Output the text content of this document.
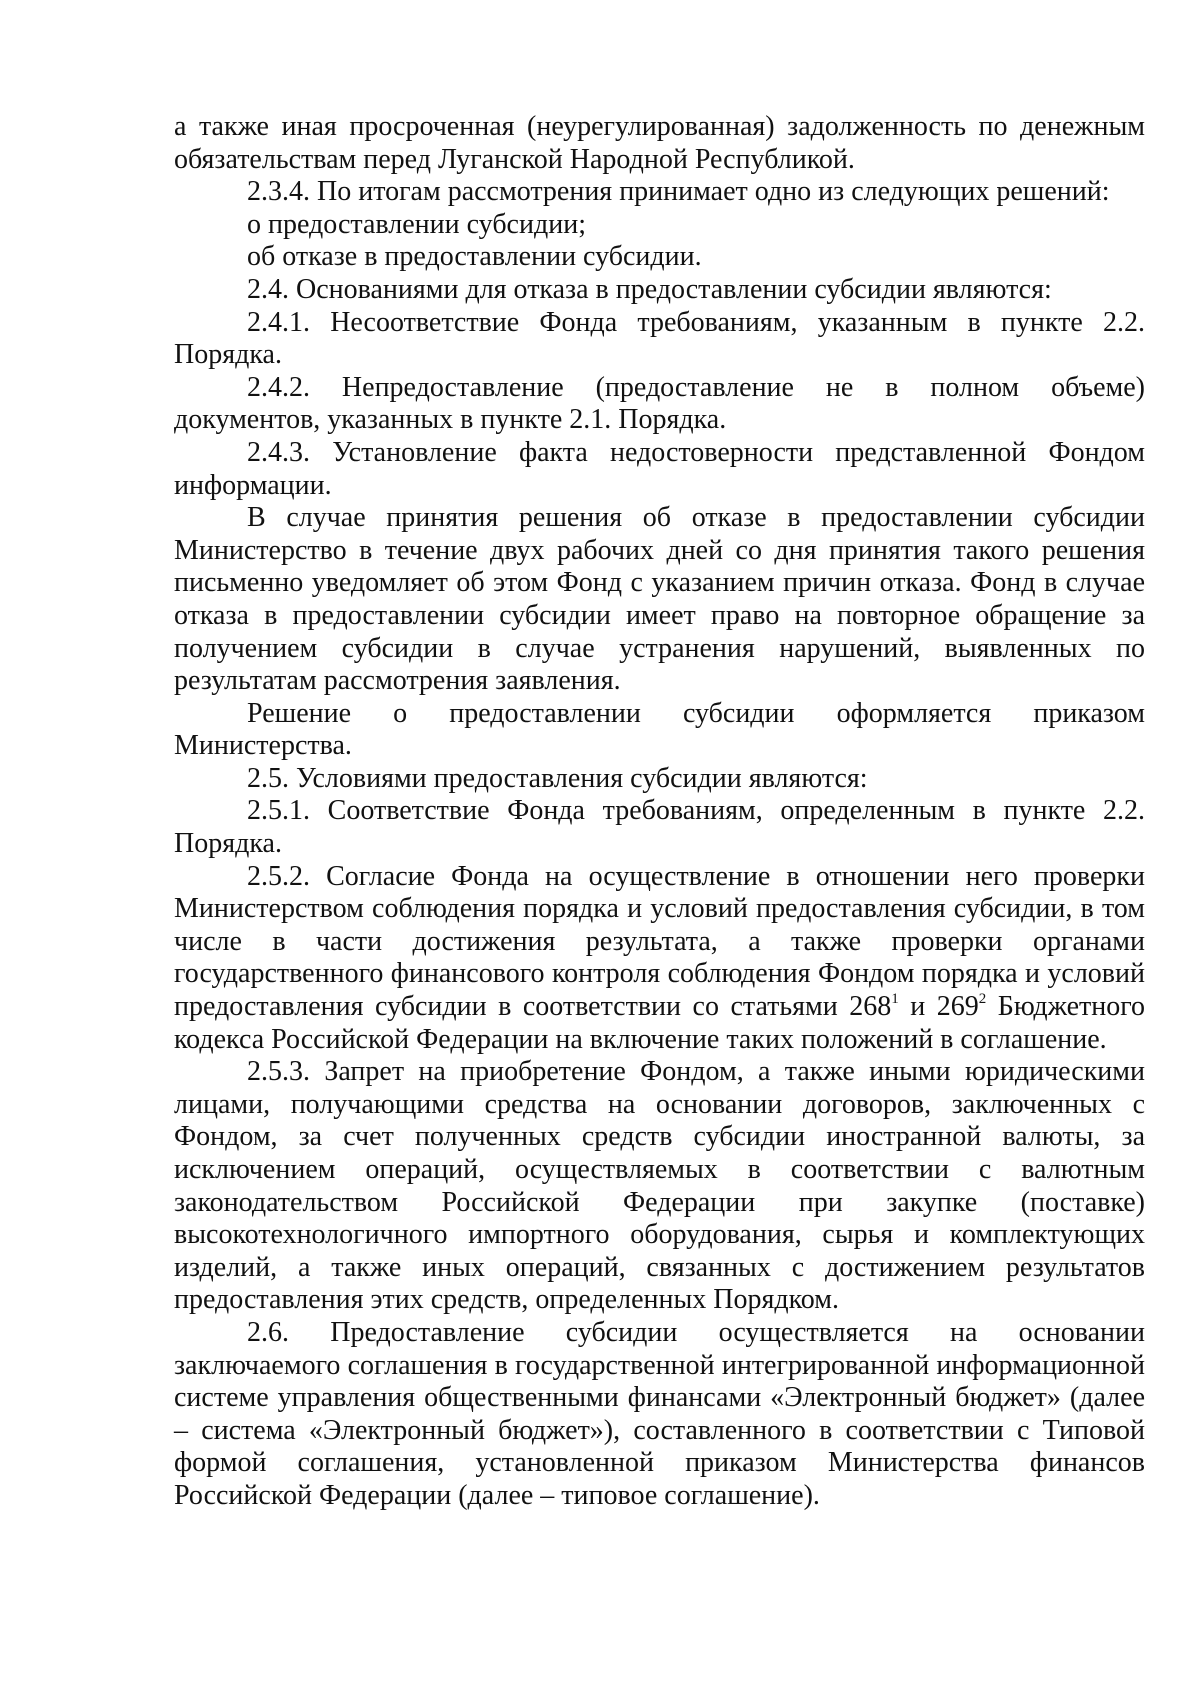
а также иная просроченная (неурегулированная) задолженность по денежным обязательствам перед Луганской Народной Республикой.

2.3.4. По итогам рассмотрения принимает одно из следующих решений:

о предоставлении субсидии;

об отказе в предоставлении субсидии.

2.4. Основаниями для отказа в предоставлении субсидии являются:

2.4.1. Несоответствие Фонда требованиям, указанным в пункте 2.2. Порядка.

2.4.2. Непредоставление (предоставление не в полном объеме) документов, указанных в пункте 2.1. Порядка.

2.4.3. Установление факта недостоверности представленной Фондом информации.

В случае принятия решения об отказе в предоставлении субсидии Министерство в течение двух рабочих дней со дня принятия такого решения письменно уведомляет об этом Фонд с указанием причин отказа. Фонд в случае отказа в предоставлении субсидии имеет право на повторное обращение за получением субсидии в случае устранения нарушений, выявленных по результатам рассмотрения заявления.

Решение о предоставлении субсидии оформляется приказом Министерства.

2.5. Условиями предоставления субсидии являются:

2.5.1. Соответствие Фонда требованиям, определенным в пункте 2.2. Порядка.

2.5.2. Согласие Фонда на осуществление в отношении него проверки Министерством соблюдения порядка и условий предоставления субсидии, в том числе в части достижения результата, а также проверки органами государственного финансового контроля соблюдения Фондом порядка и условий предоставления субсидии в соответствии со статьями $268^1$ и $269^2$ Бюджетного кодекса Российской Федерации на включение таких положений в соглашение.

2.5.3. Запрет на приобретение Фондом, а также иными юридическими лицами, получающими средства на основании договоров, заключенных с Фондом, за счет полученных средств субсидии иностранной валюты, за исключением операций, осуществляемых в соответствии с валютным законодательством Российской Федерации при закупке (поставке) высокотехнологичного импортного оборудования, сырья и комплектующих изделий, а также иных операций, связанных с достижением результатов предоставления этих средств, определенных Порядком.

2.6. Предоставление субсидии осуществляется на основании заключаемого соглашения в государственной интегрированной информационной системе управления общественными финансами «Электронный бюджет» (далее – система «Электронный бюджет»), составленного в соответствии с Типовой формой соглашения, установленной приказом Министерства финансов Российской Федерации (далее – типовое соглашение).
